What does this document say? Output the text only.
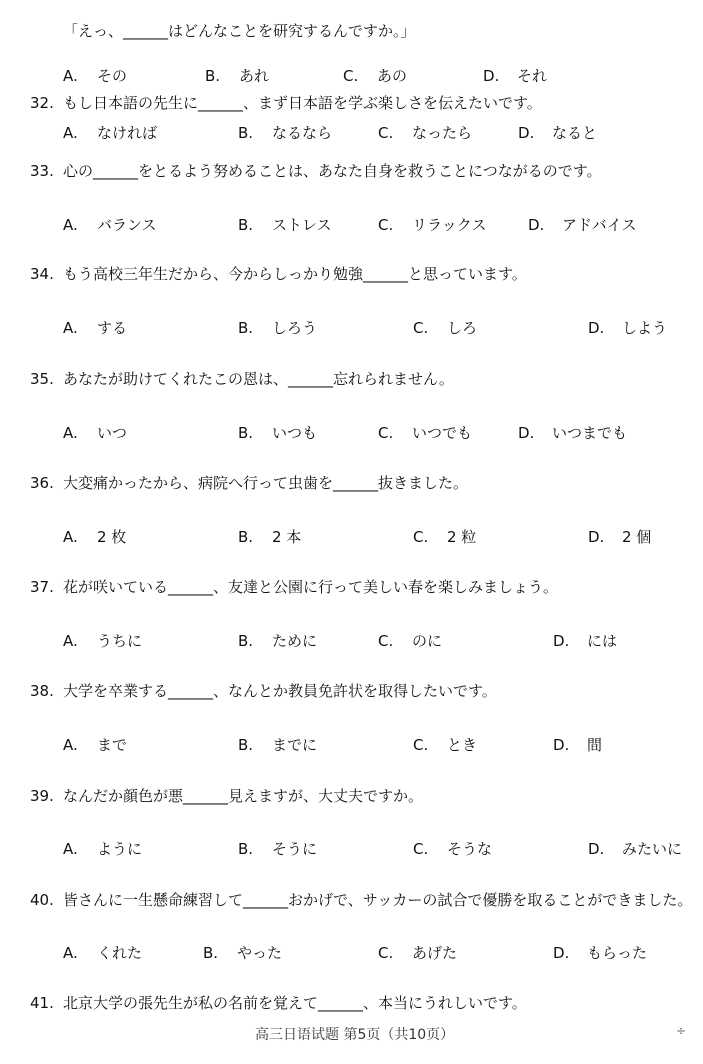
「えっ、______はどんなことを研究するんですか。」
32. もし日本語の先生に______、まず日本語を学ぶ楽しさを伝えたいです。
33. 心の______をとるよう努めることは、あなた自身を救うことにつながるのです。
34. もう高校三年生だから、今からしっかり勉強______と思っています。
35. あなたが助けてくれたこの恩は、______忘れられません。
36. 大変痛かったから、病院へ行って虫歯を______抜きました。
37. 花が咲いている______、友達と公園に行って美しい春を楽しみましょう。
38. 大学を卒業する______、なんとか教員免許状を取得したいです。
39. なんだか顔色が悪______見えますが、大丈夫ですか。
40. 皆さんに一生懸命練習して______おかげで、サッカーの試合で優勝を取ることができました。
41. 北京大学の張先生が私の名前を覚えて______、本当にうれしいです。
A. その	B. あれ	C. あの	D. それ
A. なければ	B. なるなら	C. なったら	D. なると
A. バランス	B. ストレス	C. リラックス	D. アドバイス
A. する	B. しろう	C. しろ	D. しよう
A. いつ	B. いつも	C. いつでも	D. いつまでも
A. 2 枚	B. 2 本	C. 2 粒	D. 2 個
A. うちに	B. ために	C. のに	D. には
A. まで	B. までに	C. とき	D. 間
A. ように	B. そうに	C. そうな	D. みたいに
A. くれた	B. やった	C. あげた	D. もらった
高三日语试题 第5页（共10页）	÷
